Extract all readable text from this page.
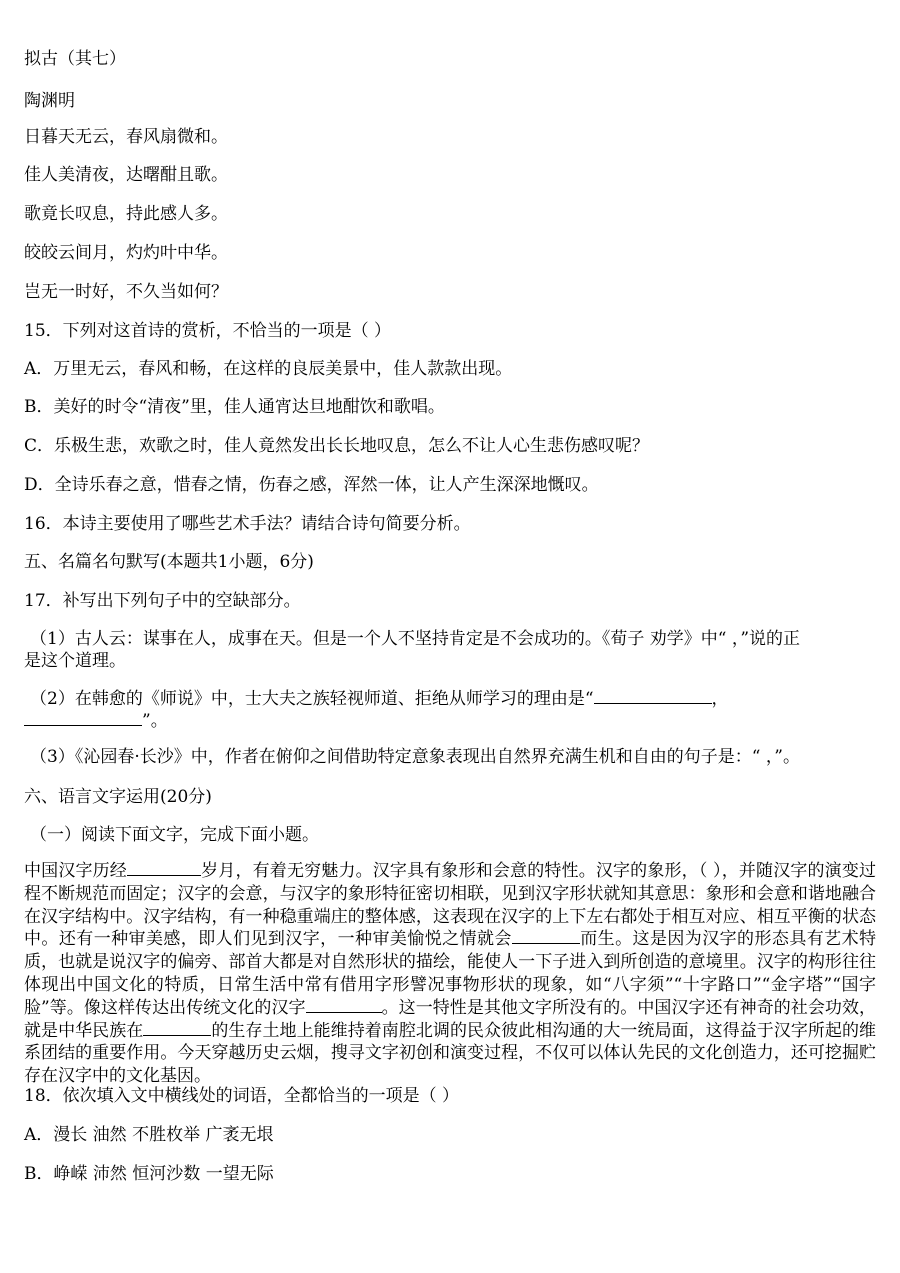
拟古（其七）
陶渊明
日暮天无云，春风扇微和。
佳人美清夜，达曙酣且歌。
歌竟长叹息，持此感人多。
皎皎云间月，灼灼叶中华。
岂无一时好，不久当如何？
15．下列对这首诗的赏析，不恰当的一项是（ ）
A．万里无云，春风和畅，在这样的良辰美景中，佳人款款出现。
B．美好的时令“清夜”里，佳人通宵达旦地酣饮和歌唱。
C．乐极生悲，欢歌之时，佳人竟然发出长长地叹息，怎么不让人心生悲伤感叹呢？
D．全诗乐春之意，惜春之情，伤春之感，浑然一体，让人产生深深地慨叹。
16．本诗主要使用了哪些艺术手法？请结合诗句简要分析。
五、名篇名句默写(本题共1小题，6分)
17．补写出下列句子中的空缺部分。
（1）古人云：谋事在人，成事在天。但是一个人不坚持肯定是不会成功的。《荀子 劝学》中“ ，”说的正
是这个道理。
（2）在韩愈的《师说》中，士大夫之族轻视师道、拒绝从师学习的理由是“	，
”。
（3）《沁园春·长沙》中，作者在俯仰之间借助特定意象表现出自然界充满生机和自由的句子是：“ ，”。
六、语言文字运用(20分)
（一）阅读下面文字，完成下面小题。
中国汉字历经	岁月，有着无穷魅力。汉字具有象形和会意的特性。汉字的象形，（ ），并随汉字的演变过程不断规范而固定；汉字的会意，与汉字的象形特征密切相联，见到汉字形状就知其意思：象形和会意和谐地融合在汉字结构中。汉字结构，有一种稳重端庄的整体感，这表现在汉字的上下左右都处于相互对应、相互平衡的状态中。还有一种审美感，即人们见到汉字，一种审美愉悦之情就会	而生。这是因为汉字的形态具有艺术特质，也就是说汉字的偏旁、部首大都是对自然形状的描绘，能使人一下子进入到所创造的意境里。汉字的构形往往体现出中国文化的特质，日常生活中常有借用字形譬况事物形状的现象，如“八字须”“十字路口”“金字塔”“国字脸”等。像这样传达出传统文化的汉字	。这一特性是其他文字所没有的。中国汉字还有神奇的社会功效，就是中华民族在	的生存土地上能维持着南腔北调的民众彼此相沟通的大一统局面，这得益于汉字所起的维系团结的重要作用。今天穿越历史云烟，搜寻文字初创和演变过程，不仅可以体认先民的文化创造力，还可挖掘贮存在汉字中的文化基因。
18．依次填入文中横线处的词语，全都恰当的一项是（ ）
A．漫长 油然 不胜枚举 广袤无垠
B．峥嵘 沛然 恒河沙数 一望无际
